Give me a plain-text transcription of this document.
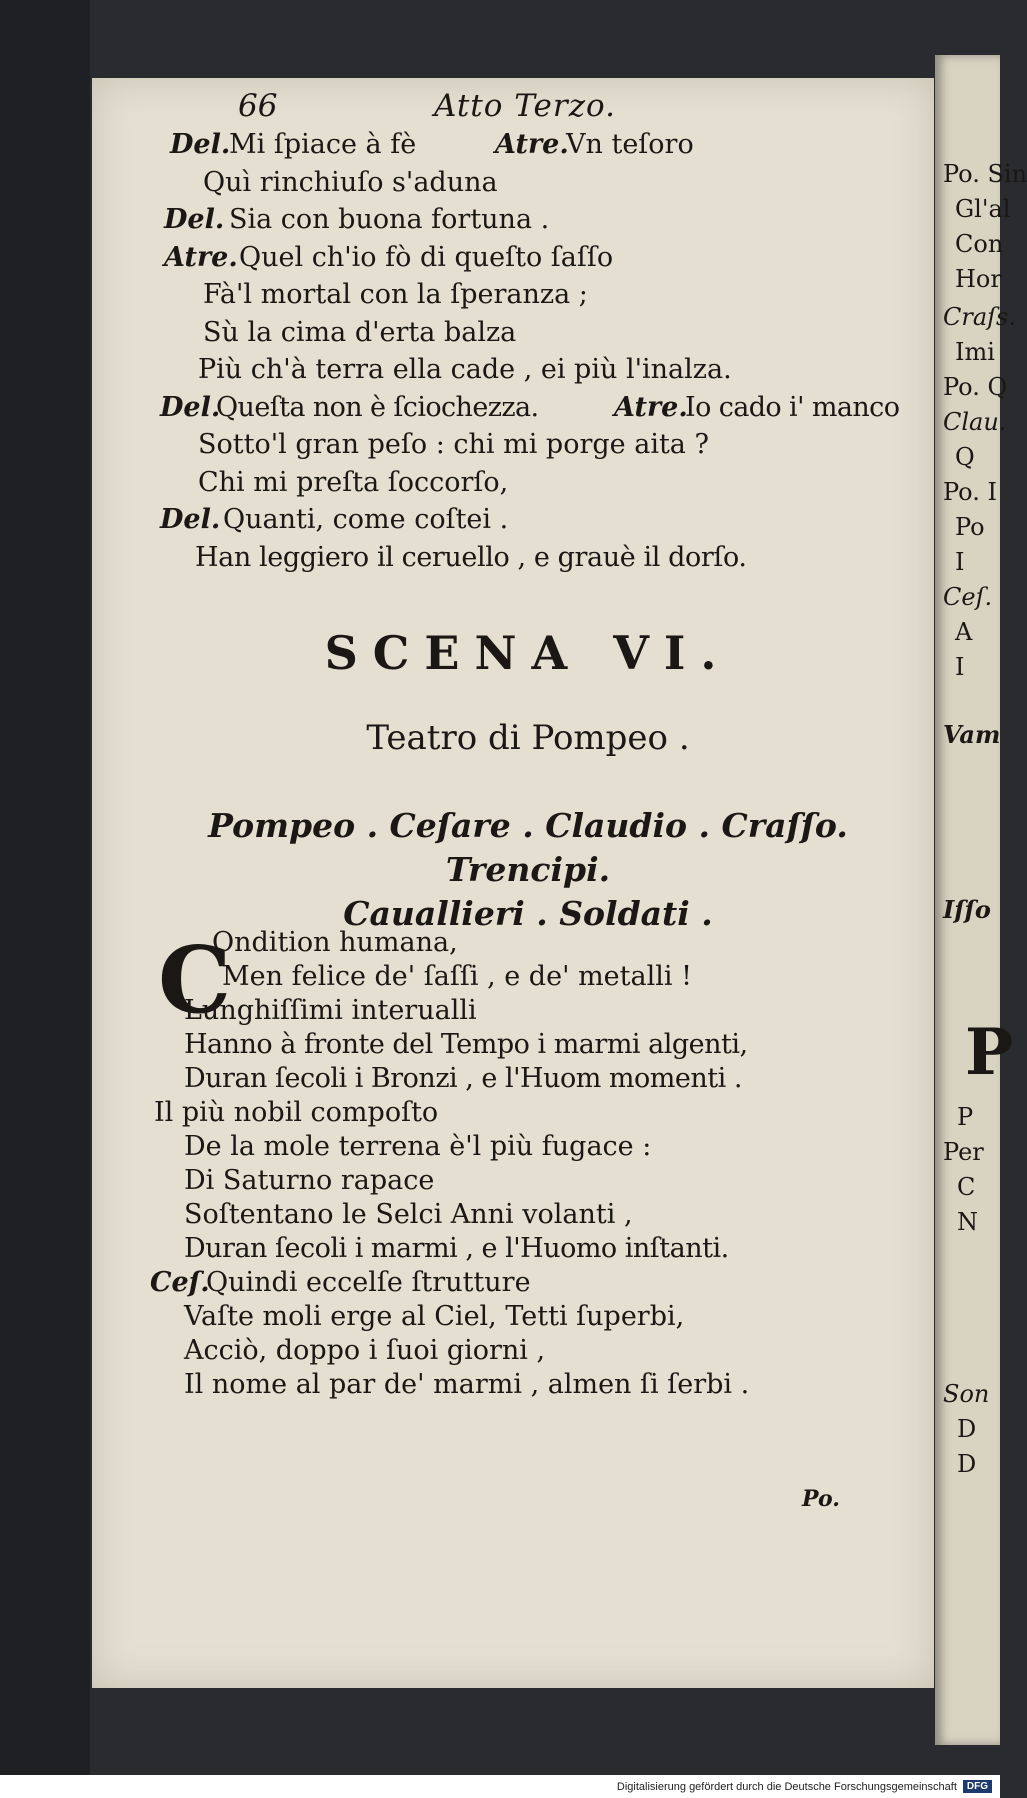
66	Atto Terzo.
Del.
Mi ſpiace à fè	Atre.
Vn teſoro
Quì rinchiuſo s'aduna
Del. Sia con buona fortuna .
Atre. Quel ch'io fò di queſto ſaſſo
Fà'l mortal con la ſperanza ;
Sù la cima d'erta balza
Più ch'à terra ella cade , ei più l'inalza.
Del.
Queſta non è ſciochezza.	Atre.
Io cado i' manco
Sotto'l gran peſo : chi mi porge aita ?
Chi mi preſta ſoccorſo,
Del. Quanti, come coſtei .
Han leggiero il ceruello , e grauè il dorſo.
SCENA VI.
Teatro di Pompeo .
Pompeo . Ceſare . Claudio . Craſſo. Trencipi.
Cauallieri . Soldati .
C
Ondition humana,
Men felice de' ſaſſi , e de' metalli !
Lunghiſſimi interualli
Hanno à fronte del Tempo i marmi algenti,
Duran ſecoli i Bronzi , e l'Huom momenti .
Il più nobil compoſto
De la mole terrena è'l più fugace :
Di Saturno rapace
Soſtentano le Selci Anni volanti ,
Duran ſecoli i marmi , e l'Huomo inſtanti.
Ceſ.
Quindi eccelſe ſtrutture
Vaſte moli erge al Ciel, Tetti ſuperbi,
Acciò, doppo i ſuoi giorni ,
Il nome al par de' marmi , almen ſi ſerbi .
Po.
Po. Sin
Gl'al
Con
Hor
Craſs.
Imi
Po. Q
Clau.
Q
Po. I
Po
I
Ceſ.
A
I
Vam
Iſſo
P
P
Per
C
N
Son
D
D
Digitalisierung gefördert durch die Deutsche Forschungsgemeinschaft	DFG
